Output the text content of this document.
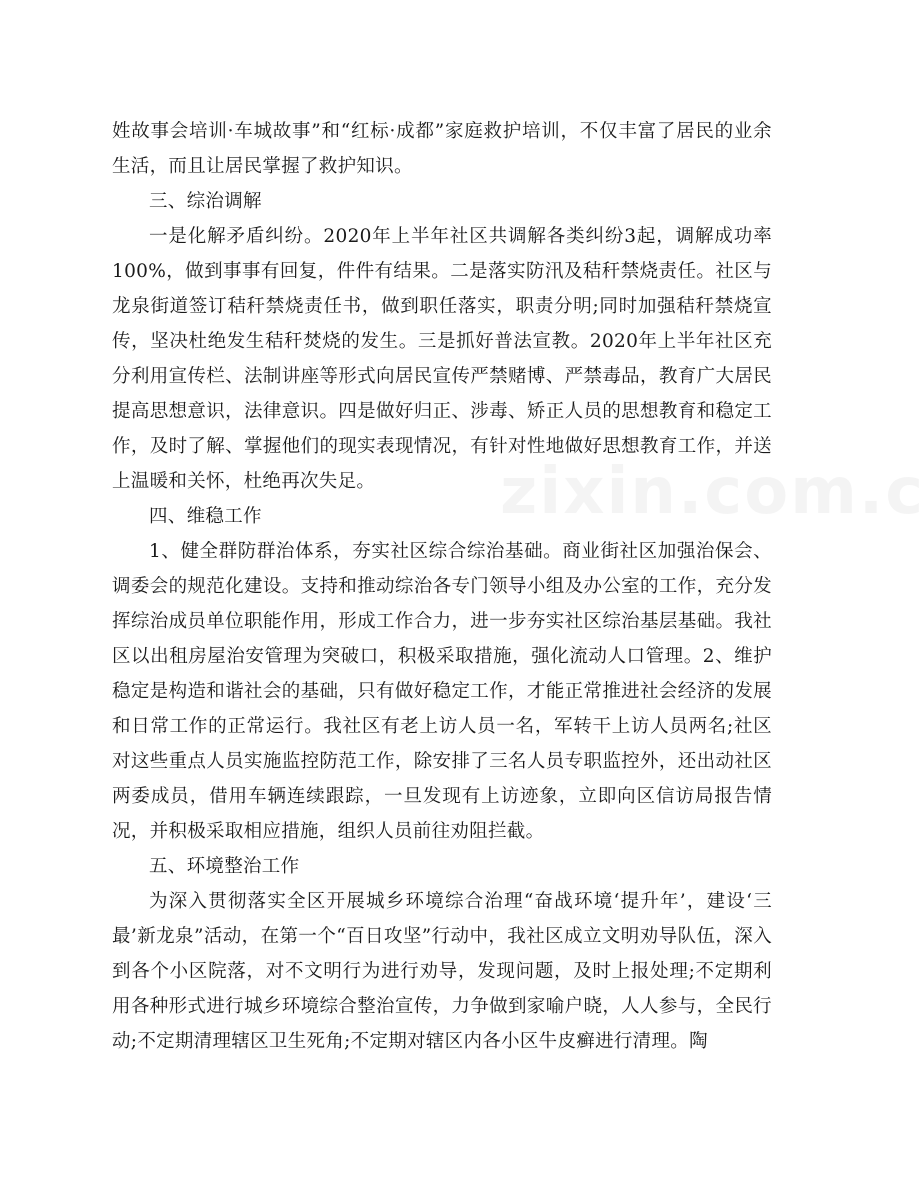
姓故事会培训·车城故事”和“红标·成都”家庭救护培训，不仅丰富了居民的业余生活，而且让居民掌握了救护知识。

三、综治调解

一是化解矛盾纠纷。2020年上半年社区共调解各类纠纷3起，调解成功率100%，做到事事有回复，件件有结果。二是落实防汛及秸秆禁烧责任。社区与龙泉街道签订秸秆禁烧责任书，做到职任落实，职责分明;同时加强秸秆禁烧宣传，坚决杜绝发生秸秆焚烧的发生。三是抓好普法宣教。2020年上半年社区充分利用宣传栏、法制讲座等形式向居民宣传严禁赌博、严禁毒品，教育广大居民提高思想意识，法律意识。四是做好归正、涉毒、矫正人员的思想教育和稳定工作，及时了解、掌握他们的现实表现情况，有针对性地做好思想教育工作，并送上温暖和关怀，杜绝再次失足。

四、维稳工作

1、健全群防群治体系，夯实社区综合综治基础。商业街社区加强治保会、调委会的规范化建设。支持和推动综治各专门领导小组及办公室的工作，充分发挥综治成员单位职能作用，形成工作合力，进一步夯实社区综治基层基础。我社区以出租房屋治安管理为突破口，积极采取措施，强化流动人口管理。2、维护稳定是构造和谐社会的基础，只有做好稳定工作，才能正常推进社会经济的发展和日常工作的正常运行。我社区有老上访人员一名，军转干上访人员两名;社区对这些重点人员实施监控防范工作，除安排了三名人员专职监控外，还出动社区两委成员，借用车辆连续跟踪，一旦发现有上访迹象，立即向区信访局报告情况，并积极采取相应措施，组织人员前往劝阻拦截。

五、环境整治工作

为深入贯彻落实全区开展城乡环境综合治理“奋战环境‘提升年’，建设‘三最’新龙泉”活动，在第一个“百日攻坚”行动中，我社区成立文明劝导队伍，深入到各个小区院落，对不文明行为进行劝导，发现问题，及时上报处理;不定期利用各种形式进行城乡环境综合整治宣传，力争做到家喻户晓，人人参与，全民行动;不定期清理辖区卫生死角;不定期对辖区内各小区牛皮癣进行清理。陶
